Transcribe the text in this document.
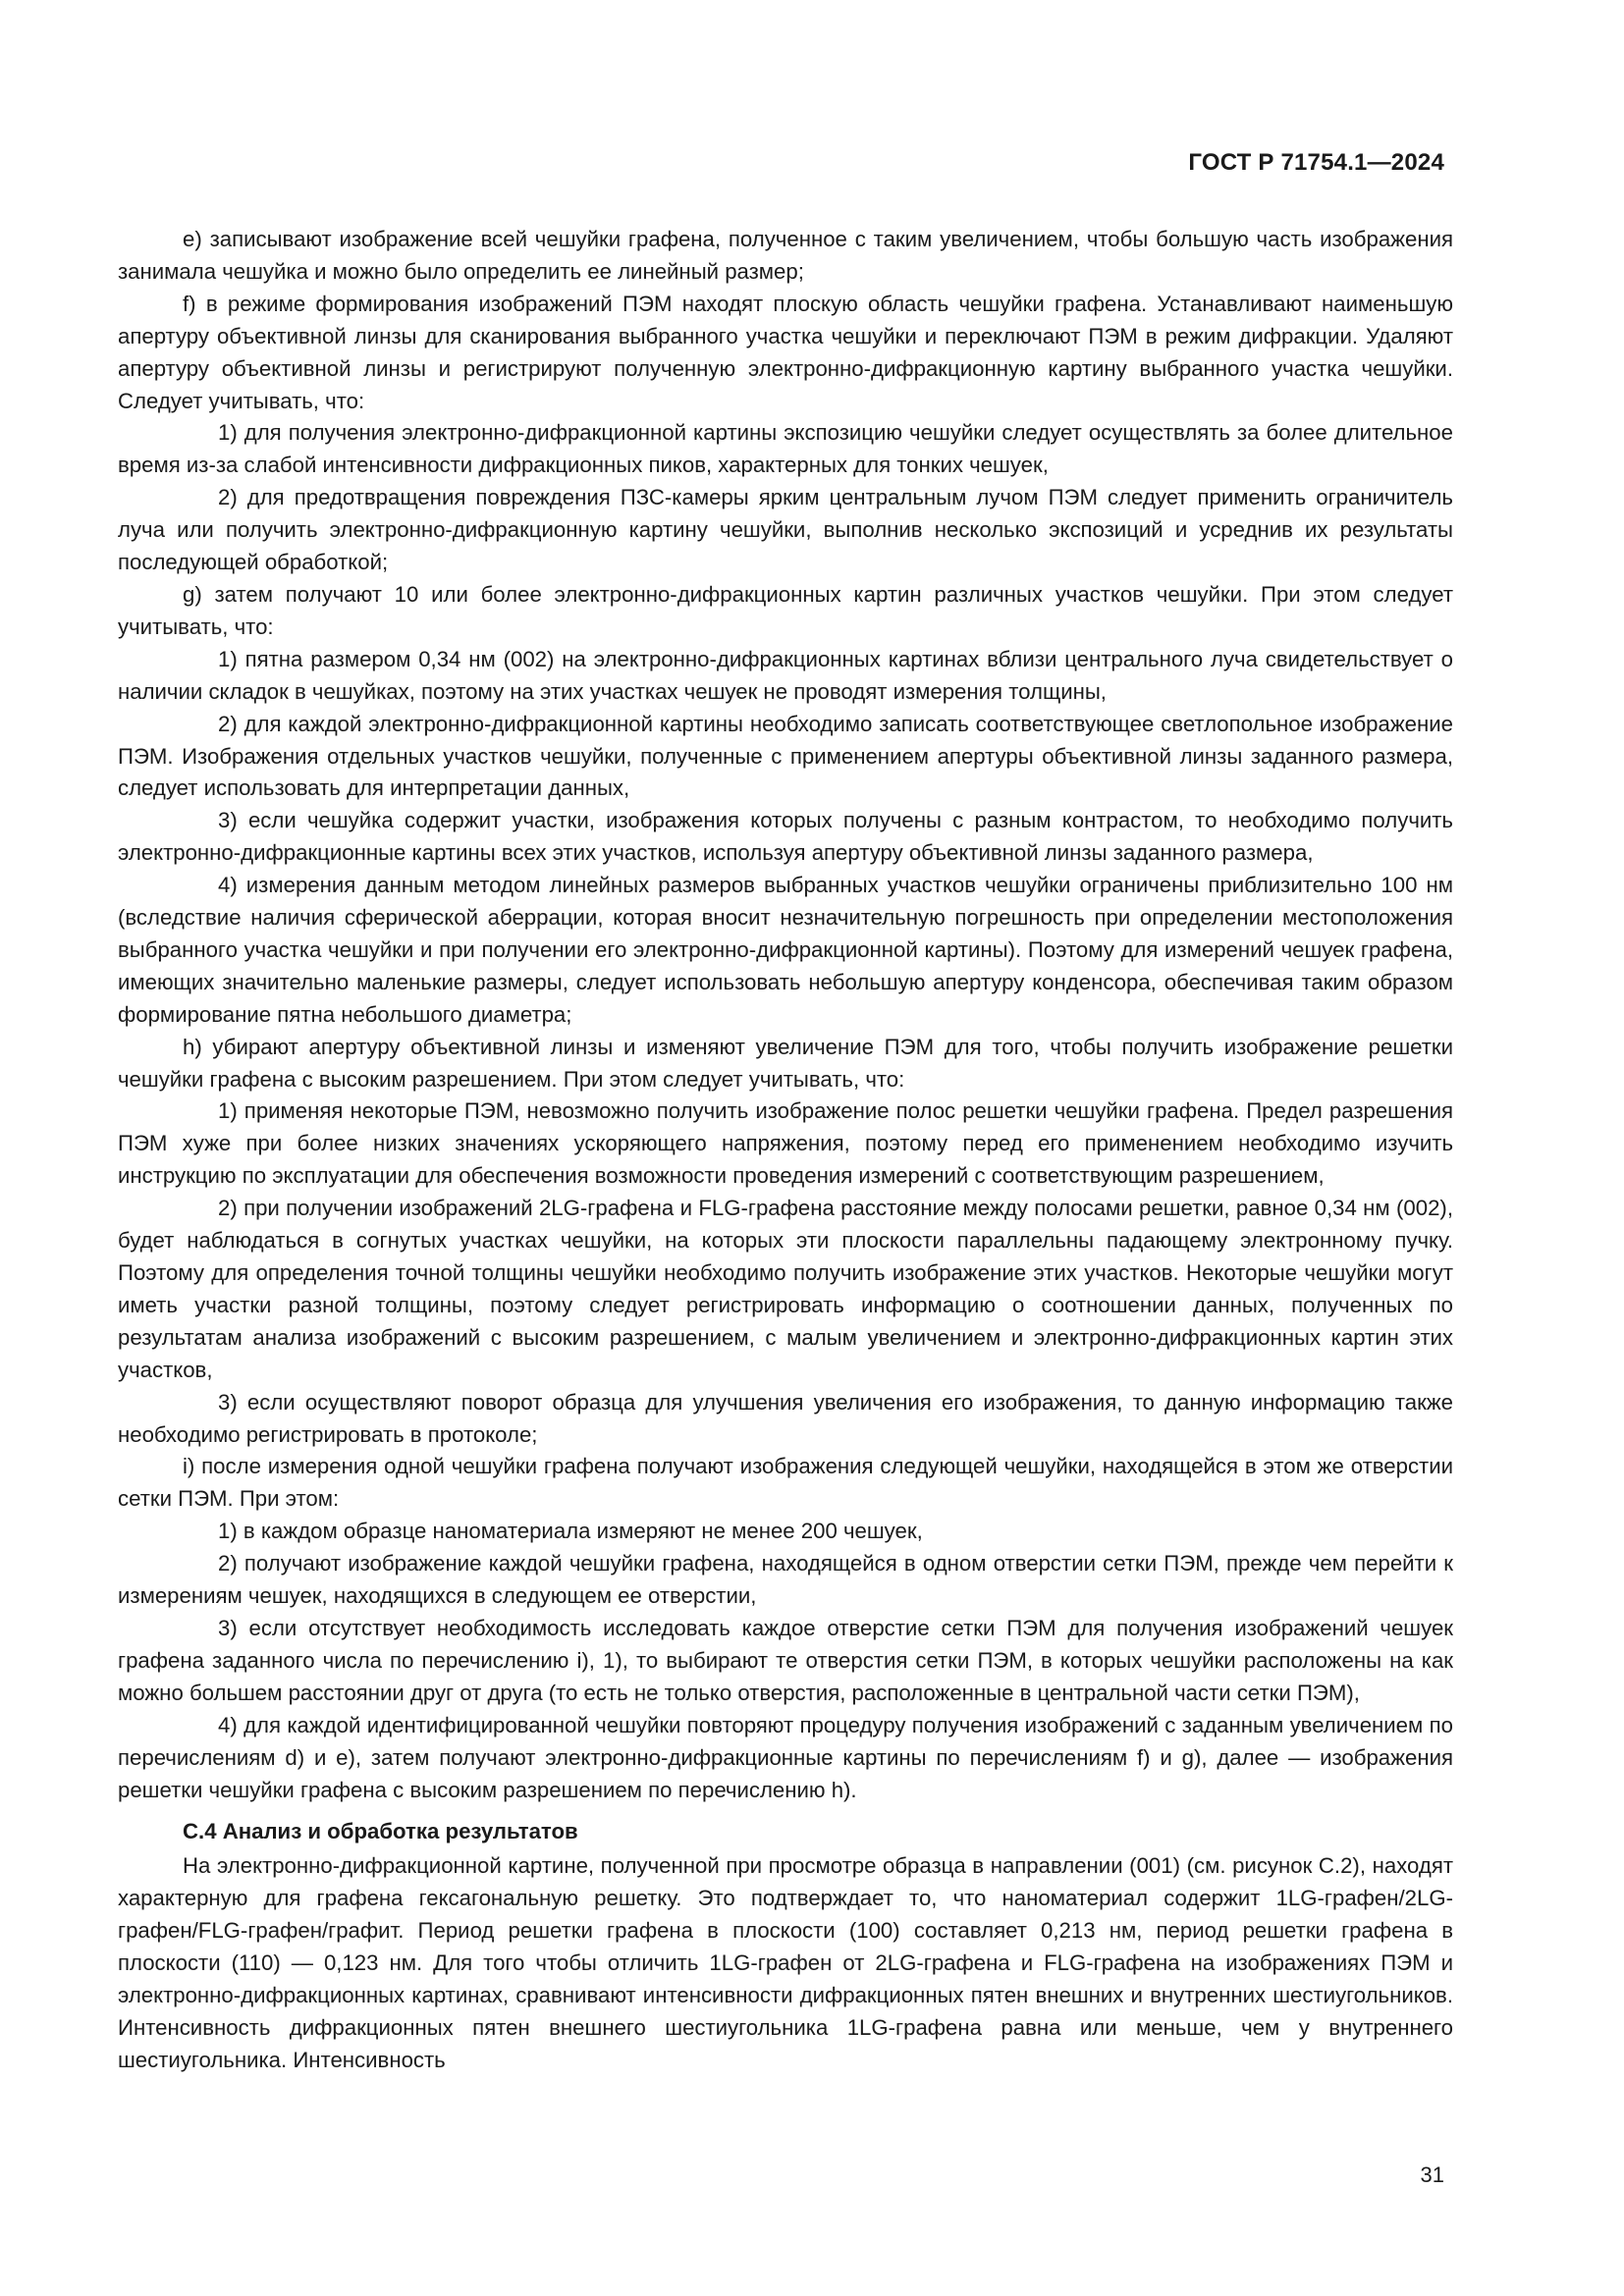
ГОСТ Р 71754.1—2024

e) записывают изображение всей чешуйки графена, полученное с таким увеличением, чтобы большую часть изображения занимала чешуйка и можно было определить ее линейный размер;

f) в режиме формирования изображений ПЭМ находят плоскую область чешуйки графена. Устанавливают наименьшую апертуру объективной линзы для сканирования выбранного участка чешуйки и переключают ПЭМ в режим дифракции. Удаляют апертуру объективной линзы и регистрируют полученную электронно-дифракционную картину выбранного участка чешуйки. Следует учитывать, что:

1) для получения электронно-дифракционной картины экспозицию чешуйки следует осуществлять за более длительное время из-за слабой интенсивности дифракционных пиков, характерных для тонких чешуек,

2) для предотвращения повреждения ПЗС-камеры ярким центральным лучом ПЭМ следует применить ограничитель луча или получить электронно-дифракционную картину чешуйки, выполнив несколько экспозиций и усреднив их результаты последующей обработкой;

g) затем получают 10 или более электронно-дифракционных картин различных участков чешуйки. При этом следует учитывать, что:

1) пятна размером 0,34 нм (002) на электронно-дифракционных картинах вблизи центрального луча свидетельствует о наличии складок в чешуйках, поэтому на этих участках чешуек не проводят измерения толщины,

2) для каждой электронно-дифракционной картины необходимо записать соответствующее светлопольное изображение ПЭМ. Изображения отдельных участков чешуйки, полученные с применением апертуры объективной линзы заданного размера, следует использовать для интерпретации данных,

3) если чешуйка содержит участки, изображения которых получены с разным контрастом, то необходимо получить электронно-дифракционные картины всех этих участков, используя апертуру объективной линзы заданного размера,

4) измерения данным методом линейных размеров выбранных участков чешуйки ограничены приблизительно 100 нм (вследствие наличия сферической аберрации, которая вносит незначительную погрешность при определении местоположения выбранного участка чешуйки и при получении его электронно-дифракционной картины). Поэтому для измерений чешуек графена, имеющих значительно маленькие размеры, следует использовать небольшую апертуру конденсора, обеспечивая таким образом формирование пятна небольшого диаметра;

h) убирают апертуру объективной линзы и изменяют увеличение ПЭМ для того, чтобы получить изображение решетки чешуйки графена с высоким разрешением. При этом следует учитывать, что:

1) применяя некоторые ПЭМ, невозможно получить изображение полос решетки чешуйки графена. Предел разрешения ПЭМ хуже при более низких значениях ускоряющего напряжения, поэтому перед его применением необходимо изучить инструкцию по эксплуатации для обеспечения возможности проведения измерений с соответствующим разрешением,

2) при получении изображений 2LG-графена и FLG-графена расстояние между полосами решетки, равное 0,34 нм (002), будет наблюдаться в согнутых участках чешуйки, на которых эти плоскости параллельны падающему электронному пучку. Поэтому для определения точной толщины чешуйки необходимо получить изображение этих участков. Некоторые чешуйки могут иметь участки разной толщины, поэтому следует регистрировать информацию о соотношении данных, полученных по результатам анализа изображений с высоким разрешением, с малым увеличением и электронно-дифракционных картин этих участков,

3) если осуществляют поворот образца для улучшения увеличения его изображения, то данную информацию также необходимо регистрировать в протоколе;

i) после измерения одной чешуйки графена получают изображения следующей чешуйки, находящейся в этом же отверстии сетки ПЭМ. При этом:

1) в каждом образце наноматериала измеряют не менее 200 чешуек,

2) получают изображение каждой чешуйки графена, находящейся в одном отверстии сетки ПЭМ, прежде чем перейти к измерениям чешуек, находящихся в следующем ее отверстии,

3) если отсутствует необходимость исследовать каждое отверстие сетки ПЭМ для получения изображений чешуек графена заданного числа по перечислению i), 1), то выбирают те отверстия сетки ПЭМ, в которых чешуйки расположены на как можно большем расстоянии друг от друга (то есть не только отверстия, расположенные в центральной части сетки ПЭМ),

4) для каждой идентифицированной чешуйки повторяют процедуру получения изображений с заданным увеличением по перечислениям d) и e), затем получают электронно-дифракционные картины по перечислениям f) и g), далее — изображения решетки чешуйки графена с высоким разрешением по перечислению h).

С.4 Анализ и обработка результатов

На электронно-дифракционной картине, полученной при просмотре образца в направлении (001) (см. рисунок С.2), находят характерную для графена гексагональную решетку. Это подтверждает то, что наноматериал содержит 1LG-графен/2LG-графен/FLG-графен/графит. Период решетки графена в плоскости (100) составляет 0,213 нм, период решетки графена в плоскости (110) — 0,123 нм. Для того чтобы отличить 1LG-графен от 2LG-графена и FLG-графена на изображениях ПЭМ и электронно-дифракционных картинах, сравнивают интенсивности дифракционных пятен внешних и внутренних шестиугольников. Интенсивность дифракционных пятен внешнего шестиугольника 1LG-графена равна или меньше, чем у внутреннего шестиугольника. Интенсивность

31
